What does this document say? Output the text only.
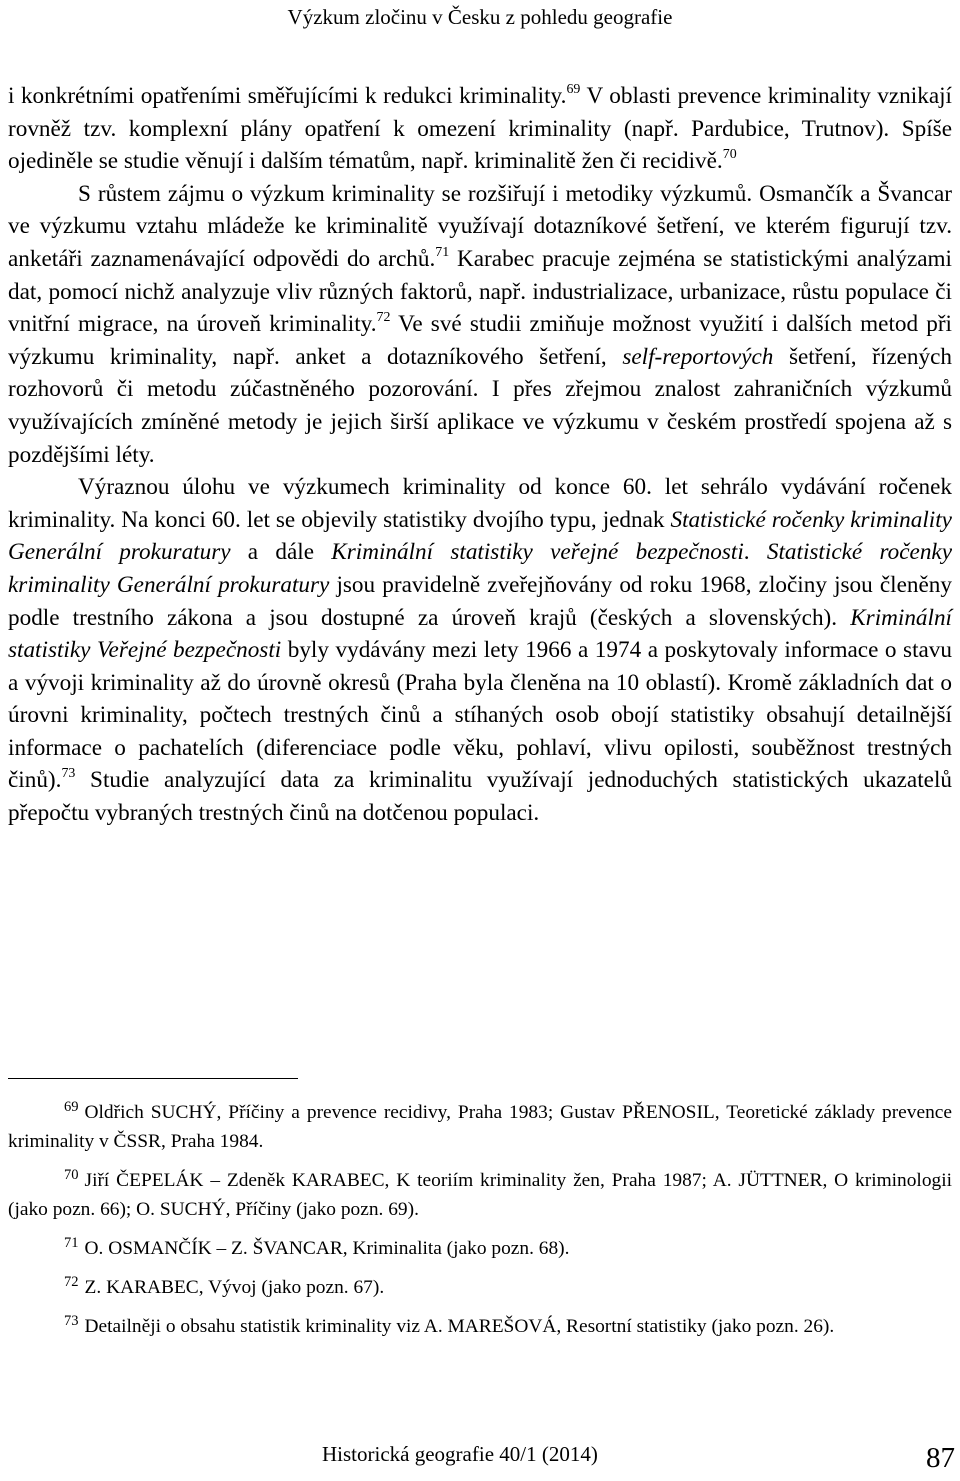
Výzkum zločinu v Česku z pohledu geografie

i konkrétními opatřeními směřujícími k redukci kriminality.$^{69}$ V oblasti prevence kriminality vznikají rovněž tzv. komplexní plány opatření k omezení kriminality (např. Pardubice, Trutnov). Spíše ojediněle se studie věnují i dalším tématům, např. kriminalitě žen či recidivě.$^{70}$

S růstem zájmu o výzkum kriminality se rozšiřují i metodiky výzkumů. Osmančík a Švancar ve výzkumu vztahu mládeže ke kriminalitě využívají dotazníkové šetření, ve kterém figurují tzv. anketáři zaznamenávající odpovědi do archů.$^{71}$ Karabec pracuje zejména se statistickými analýzami dat, pomocí nichž analyzuje vliv různých faktorů, např. industrializace, urbanizace, růstu populace či vnitřní migrace, na úroveň kriminality.$^{72}$ Ve své studii zmiňuje možnost využití i dalších metod při výzkumu kriminality, např. anket a dotazníkového šetření, self-reportových šetření, řízených rozhovorů či metodu zúčastněného pozorování. I přes zřejmou znalost zahraničních výzkumů využívajících zmíněné metody je jejich širší aplikace ve výzkumu v českém prostředí spojena až s pozdějšími léty.

Výraznou úlohu ve výzkumech kriminality od konce 60. let sehrálo vydávání ročenek kriminality. Na konci 60. let se objevily statistiky dvojího typu, jednak Statistické ročenky kriminality Generální prokuratury a dále Kriminální statistiky veřejné bezpečnosti. Statistické ročenky kriminality Generální prokuratury jsou pravidelně zveřejňovány od roku 1968, zločiny jsou členěny podle trestního zákona a jsou dostupné za úroveň krajů (českých a slovenských). Kriminální statistiky Veřejné bezpečnosti byly vydávány mezi lety 1966 a 1974 a poskytovaly informace o stavu a vývoji kriminality až do úrovně okresů (Praha byla členěna na 10 oblastí). Kromě základních dat o úrovni kriminality, počtech trestných činů a stíhaných osob obojí statistiky obsahují detailnější informace o pachatelích (diferenciace podle věku, pohlaví, vlivu opilosti, souběžnost trestných činů).$^{73}$ Studie analyzující data za kriminalitu využívají jednoduchých statistických ukazatelů přepočtu vybraných trestných činů na dotčenou populaci.

$^{69}$ Oldřich SUCHÝ, Příčiny a prevence recidivy, Praha 1983; Gustav PŘENOSIL, Teoretické základy prevence kriminality v ČSSR, Praha 1984.

$^{70}$ Jiří ČEPELÁK – Zdeněk KARABEC, K teoriím kriminality žen, Praha 1987; A. JÜTTNER, O kriminologii (jako pozn. 66); O. SUCHÝ, Příčiny (jako pozn. 69).

$^{71}$ O. OSMANČÍK – Z. ŠVANCAR, Kriminalita (jako pozn. 68).

$^{72}$ Z. KARABEC, Vývoj (jako pozn. 67).

$^{73}$ Detailněji o obsahu statistik kriminality viz A. MAREŠOVÁ, Resortní statistiky (jako pozn. 26).

Historická geografie 40/1 (2014)	87
